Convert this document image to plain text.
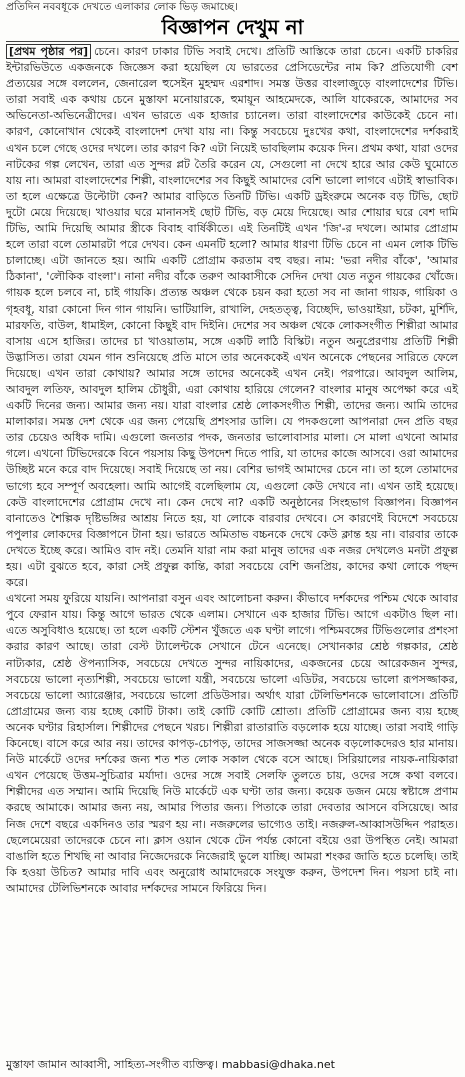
প্রতিদিন নববধূকে দেখতে এলাকার লোক ভিড় জমাচ্ছে।
বিজ্ঞাপন দেখুম না

[প্রথম পৃষ্ঠার পর] চেনে। কারণ ঢাকার টিভি সবাই দেখে। প্রতিটি আস্তিকে তারা চেনে। একটি চাকরির ইন্টারভিউতে একজনকে জিজ্ঞেস করা হয়েছিল যে ভারতের প্রেসিডেন্টের নাম কি? প্রতিযোগী বেশ প্রত্যয়ের সঙ্গে বললেন, জেনারেল হুসেইন মুহম্মদ এরশাদ। সমস্ত উত্তর বাংলাজুড়ে বাংলাদেশের টিভি। তারা সবাই এক কথায় চেনে মুস্তাফা মনোয়ারকে, হুমায়ূন আহমেদকে, আলি যাকেরকে, আমাদের সব অভিনেতা-অভিনেত্রীদের। এখন ভারতে এক হাজার চ্যানেল। তারা বাংলাদেশের কাউকেই চেনে না। কারণ, কোনোখান থেকেই বাংলাদেশ দেখা যায় না। কিন্তু সবচেয়ে দুঃখের কথা, বাংলাদেশের দর্শকরাই এখন চলে গেছে ওদের দখলে। তার কারণ কি? এটা নিয়েই ভাবছিলাম কয়েক দিন। প্রথম কথা, যারা ওদের নাটকের গল্প লেখেন, তারা এত সুন্দর প্লট তৈরি করেন যে, সেগুলো না দেখে হারে আর কেউ ঘুমোতে যায় না। আমরা বাংলাদেশের শিল্পী, বাংলাদেশের সব কিছুই আমাদের বেশি ভালো লাগবে এটাই স্বাভাবিক। তা হলে এক্ষেত্রে উল্টোটা কেন? আমার বাড়িতে তিনটি টিভি। একটি ড্রইংরুমে অনেক বড় টিভি, ছোট দুটো মেয়ে দিয়েছে। খাওয়ার ঘরে মানানসই ছোট টিভি, বড় মেয়ে দিয়েছে। আর শোয়ার ঘরে বেশ দামি টিভি, আমি দিয়েছি আমার স্ত্রীকে বিবাহ বার্ষিকীতে। এই তিনটিই এখন 'জি'-র দখলে। আমার প্রোগ্রাম হলে তারা বলে তোমারটা পরে দেখব। কেন এমনটি হলো? আমার ধারণা টিভি চেনে না এমন লোক টিভি চালাচ্ছে। এটা জানতে হয়। আমি একটি প্রোগ্রাম করতাম বহু বছর। নাম: 'ভরা নদীর বাঁকে', 'আমার ঠিকানা', 'লৌকিক বাংলা'। নানা নদীর বাঁকে তরুণ আব্বাসীকে সেদিন দেখা যেত নতুন গায়কের খোঁজে। গায়ক হলে চলবে না, চাই গায়কি। প্রত্যন্ত অঞ্চল থেকে চয়ন করা হতো সব না জানা গায়ক, গায়িকা ও গৃহবধূ, যারা কোনো দিন গান গায়নি। ভাটিয়ালি, রাখালি, দেহতত্ত্ব, বিচ্ছেদি, ভাওয়াইয়া, চটকা, মুর্শিদি, মারফতি, বাউল, ধামাইল, কোনো কিছুই বাদ দিইনি। দেশের সব অঞ্চল থেকে লোকসংগীত শিল্পীরা আমার বাসায় এসে হাজির। তাদের চা খাওয়াতাম, সঙ্গে একটি লাঠি বিস্কিট। নতুন অনুপ্রেরণায় প্রতিটি শিল্পী উদ্ভাসিত। তারা যেমন গান শুনিয়েছে প্রতি মাসে তার অনেককেই এখন অনেকে পেছনের সারিতে ফেলে দিয়েছে। এখন তারা কোথায়? আমার সঙ্গে তাদের অনেকেই এখন নেই। পরপারে। আবদুল আলিম, আবদুল লতিফ, আবদুল হালিম চৌধুরী, এরা কোথায় হারিয়ে গেলেন? বাংলার মানুষ অপেক্ষা করে এই একটি দিনের জন্য। আমার জন্য নয়। যারা বাংলার শ্রেষ্ঠ লোকসংগীত শিল্পী, তাদের জন্য। আমি তাদের মালাকার। সমস্ত দেশ থেকে এর জন্য পেয়েছি প্রশংসার ডালি। যে পদকগুলো আপনারা দেন প্রতি বছর তার চেয়েও অধিক দামি। এগুলো জনতার পদক, জনতার ভালোবাসার মালা। সে মালা এখনো আমার গলে। এখনো টিভিদেরকে বিনে পয়সায় কিছু উপদেশ দিতে পারি, যা তাদের কাজে আসবে। ওরা আমাদের উচ্ছিষ্ট মনে করে বাদ দিয়েছে। সবাই দিয়েছে তা নয়। বেশির ভাগই আমাদের চেনে না। তা হলে তোমাদের ভাগ্যে হবে সম্পূর্ণ অবহেলা। আমি আগেই বলেছিলাম যে, এগুলো কেউ দেখবে না। এখন তাই হয়েছে। কেউ বাংলাদেশের প্রোগ্রাম দেখে না। কেন দেখে না? একটি অনুষ্ঠানের সিংহভাগ বিজ্ঞাপন। বিজ্ঞাপন বানাতেও শৈল্পিক দৃষ্টিভঙ্গির আশ্রয় নিতে হয়, যা লোকে বারবার দেখবে। সে কারণেই বিদেশে সবচেয়ে পপুলার লোকদের বিজ্ঞাপনে টানা হয়। ভারতে অমিতাভ বচ্চনকে দেখে কেউ ক্লান্ত হয় না। বারবার তাকে দেখতে ইচ্ছে করে। আমিও বাদ নই। তেমনি যারা নাম করা মানুষ তাদের এক নজর দেখলেও মনটা প্রফুল্ল হয়। এটা বুঝতে হবে, কারা সেই প্রফুল্ল কান্তি, কারা সবচেয়ে বেশি জনপ্রিয়, কাদের কথা লোকে পছন্দ করে।

এখনো সময় ফুরিয়ে যায়নি। আপনারা বসুন এবং আলোচনা করুন। কীভাবে দর্শকদের পশ্চিম থেকে আবার পুবে ফেরান যায়। কিন্তু আগে ভারত থেকে এলাম। সেখানে এক হাজার টিভি। আগে একটাও ছিল না। এতে অসুবিধাও হয়েছে। তা হলে একটি স্টেশন খুঁজতে এক ঘণ্টা লাগে। পশ্চিমবঙ্গের টিভিগুলোর প্রশংসা করার কারণ আছে। তারা বেস্ট ট্যালেন্টকে সেখানে টেনে এনেছে। সেখানকার শ্রেষ্ঠ গল্পকার, শ্রেষ্ঠ নাট্যকার, শ্রেষ্ঠ ঔপন্যাসিক, সবচেয়ে দেখতে সুন্দর নায়িকাদের, একজনের চেয়ে আরেকজন সুন্দর, সবচেয়ে ভালো নৃত্যশিল্পী, সবচেয়ে ভালো যন্ত্রী, সবচেয়ে ভালো এডিটর, সবচেয়ে ভালো রূপসজ্জাকর, সবচেয়ে ভালো অ্যারেঞ্জার, সবচেয়ে ভালো প্রডিউসার। অর্থাৎ যারা টেলিভিশনকে ভালোবাসে। প্রতিটি প্রোগ্রামের জন্য ব্যয় হচ্ছে কোটি টাকা। তাই কোটি কোটি শ্রোতা। প্রতিটি প্রোগ্রামের জন্য ব্যয় হচ্ছে অনেক ঘণ্টার রিহার্সাল। শিল্পীদের পেছনে খরচ। শিল্পীরা রাতারাতি বড়লোক হয়ে যাচ্ছে। তারা সবাই গাড়ি কিনেছে। বাসে করে আর নয়। তাদের কাপড়-চোপড়, তাদের সাজসজ্জা অনেক বড়লোকদেরও হার মানায়। নিউ মার্কেটে ওদের দর্শকের জন্য শত শত লোক সকাল থেকে বসে আছে। সিরিয়ালের নায়ক-নায়িকারা এখন পেয়েছে উত্তম-সুচিত্রার মর্যাদা। ওদের সঙ্গে সবাই সেলফি তুলতে চায়, ওদের সঙ্গে কথা বলবে। শিল্পীদের এত সম্মান। আমি দিয়েছি নিউ মার্কেটে এক ঘণ্টা তার জন্য। কয়েক ডজন মেয়ে স্বষ্টাঙ্গে প্রণাম করছে আমাকে। আমার জন্য নয়, আমার পিতার জন্য। পিতাকে তারা দেবতার আসনে বসিয়েছে। আর নিজ দেশে বছরে একদিনও তার স্মরণ হয় না। নজরুলের ভাগ্যেও তাই। নজরুল-আব্বাসউদ্দিন পরাহত। ছেলেমেয়েরা তাদেরকে চেনে না। ক্লাস ওয়ান থেকে টেন পর্যন্ত কোনো বইয়ে ওরা উপস্থিত নেই। আমরা বাঙালি হতে শিখছি না আবার নিজেদেরকে নিজেরাই ভুলে যাচ্ছি। আমরা শংকর জাতি হতে চলেছি। তাই কি হওয়া উচিত? আমার দাবি এবং অনুরোধ আমাদেরকে সংযুক্ত করুন, উপদেশ দিন। পয়সা চাই না। আমাদের টেলিভিশনকে আবার দর্শকদের সামনে ফিরিয়ে দিন।

মুস্তাফা জামান আব্বাসী, সাহিত্য-সংগীত ব্যক্তিত্ব। mabbasi@dhaka.net
